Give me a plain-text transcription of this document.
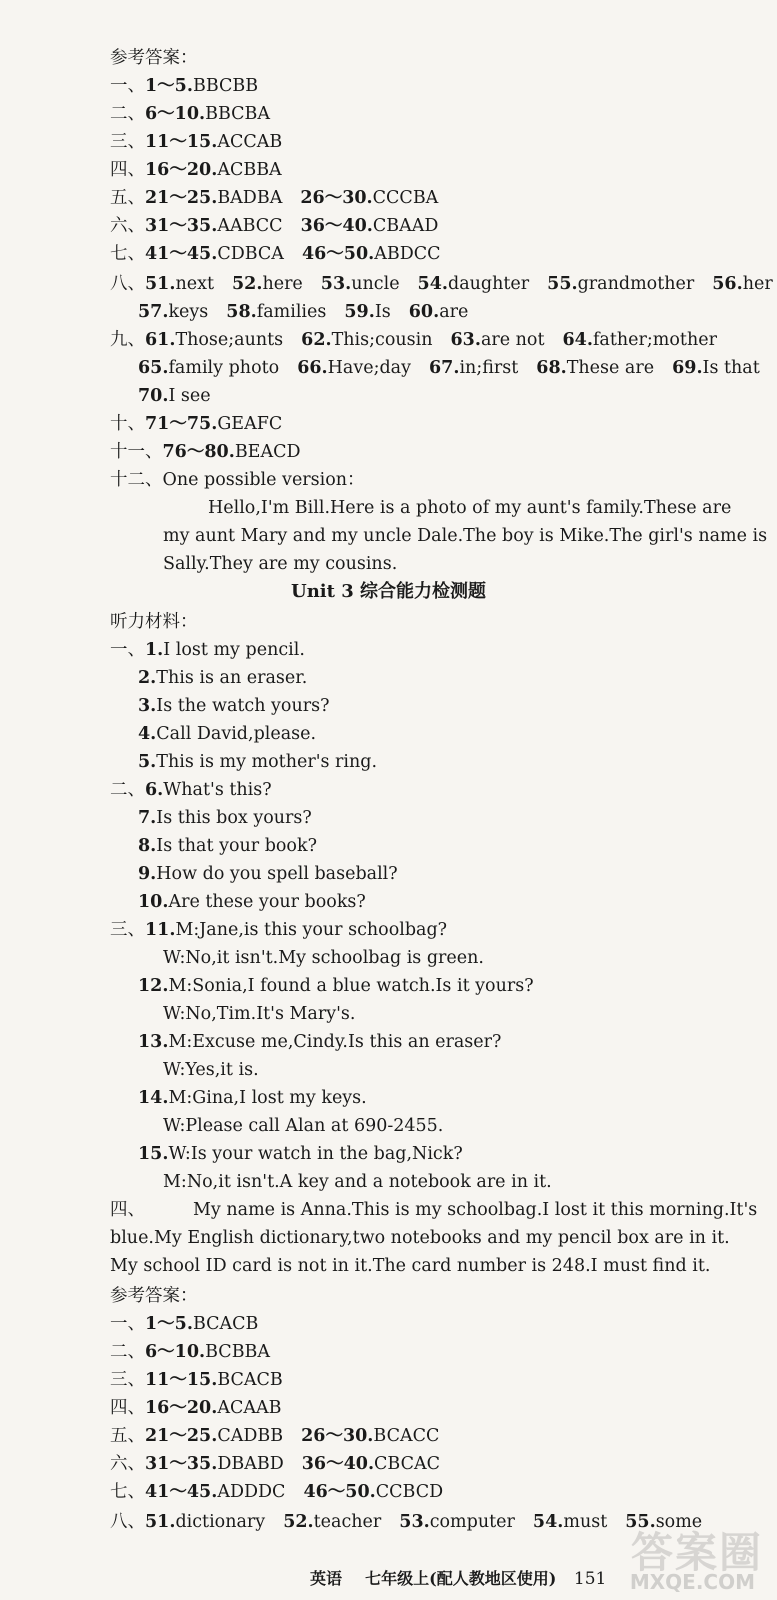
参考答案：
一、1～5.BBCBB
二、6～10.BBCBA
三、11～15.ACCAB
四、16～20.ACBBA
五、21～25.BADBA 26～30.CCCBA
六、31～35.AABCC 36～40.CBAAD
七、41～45.CDBCA 46～50.ABDCC
八、51.next 52.here 53.uncle 54.daughter 55.grandmother 56.her
57.keys 58.families 59.Is 60.are
九、61.Those;aunts 62.This;cousin 63.are not 64.father;mother
65.family photo 66.Have;day 67.in;first 68.These are 69.Is that
70.I see
十、71～75.GEAFC
十一、76～80.BEACD
十二、One possible version：
Hello,I'm Bill.Here is a photo of my aunt's family.These are
my aunt Mary and my uncle Dale.The boy is Mike.The girl's name is
Sally.They are my cousins.
Unit 3 综合能力检测题
听力材料：
一、1.I lost my pencil.
2.This is an eraser.
3.Is the watch yours?
4.Call David,please.
5.This is my mother's ring.
二、6.What's this?
7.Is this box yours?
8.Is that your book?
9.How do you spell baseball?
10.Are these your books?
三、11.M:Jane,is this your schoolbag?
W:No,it isn't.My schoolbag is green.
12.M:Sonia,I found a blue watch.Is it yours?
W:No,Tim.It's Mary's.
13.M:Excuse me,Cindy.Is this an eraser?
W:Yes,it is.
14.M:Gina,I lost my keys.
W:Please call Alan at 690-2455.
15.W:Is your watch in the bag,Nick?
M:No,it isn't.A key and a notebook are in it.
四、	My name is Anna.This is my schoolbag.I lost it this morning.It's
blue.My English dictionary,two notebooks and my pencil box are in it.
My school ID card is not in it.The card number is 248.I must find it.
参考答案：
一、1～5.BCACB
二、6～10.BCBBA
三、11～15.BCACB
四、16～20.ACAAB
五、21～25.CADBB 26～30.BCACC
六、31～35.DBABD 36～40.CBCAC
七、41～45.ADDDC 46～50.CCBCD
八、51.dictionary 52.teacher 53.computer 54.must 55.some
英语 七年级上(配人教地区使用) 151
答案圈
MXQE.COM
